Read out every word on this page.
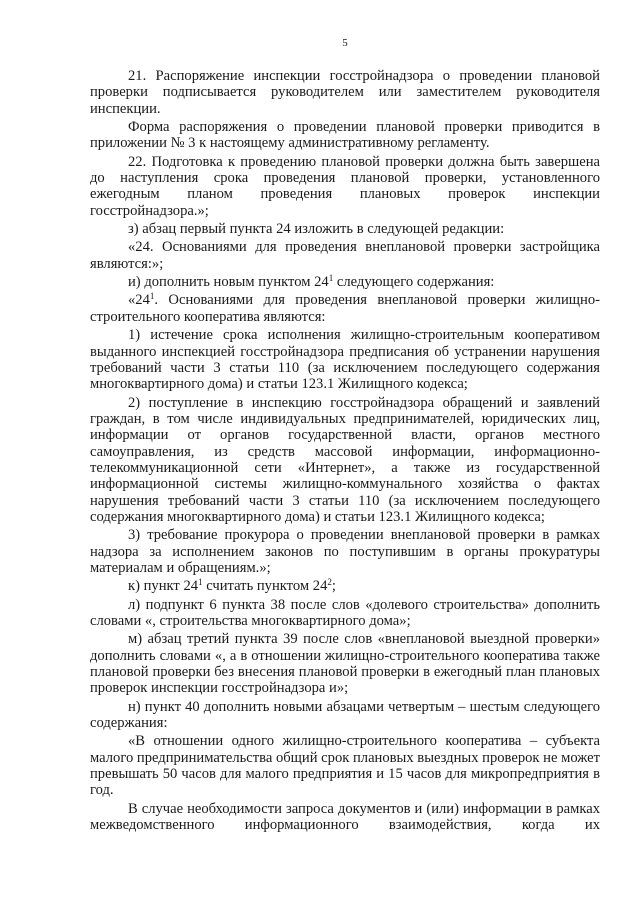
5

21. Распоряжение инспекции госстройнадзора о проведении плановой проверки подписывается руководителем или заместителем руководителя инспекции.

Форма распоряжения о проведении плановой проверки приводится в приложении № 3 к настоящему административному регламенту.

22. Подготовка к проведению плановой проверки должна быть завершена до наступления срока проведения плановой проверки, установленного ежегодным планом проведения плановых проверок инспекции госстройнадзора.»;

з) абзац первый пункта 24 изложить в следующей редакции:

«24. Основаниями для проведения внеплановой проверки застройщика являются:»;

и) дополнить новым пунктом $24^1$ следующего содержания:

«$24^1$. Основаниями для проведения внеплановой проверки жилищно-строительного кооператива являются:

1) истечение срока исполнения жилищно-строительным кооперативом выданного инспекцией госстройнадзора предписания об устранении нарушения требований части 3 статьи 110 (за исключением последующего содержания многоквартирного дома) и статьи 123.1 Жилищного кодекса;

2) поступление в инспекцию госстройнадзора обращений и заявлений граждан, в том числе индивидуальных предпринимателей, юридических лиц, информации от органов государственной власти, органов местного самоуправления, из средств массовой информации, информационно-телекоммуникационной сети «Интернет», а также из государственной информационной системы жилищно-коммунального хозяйства о фактах нарушения требований части 3 статьи 110 (за исключением последующего содержания многоквартирного дома) и статьи 123.1 Жилищного кодекса;

3) требование прокурора о проведении внеплановой проверки в рамках надзора за исполнением законов по поступившим в органы прокуратуры материалам и обращениям.»;

к) пункт $24^1$ считать пунктом $24^2$;

л) подпункт 6 пункта 38 после слов «долевого строительства» дополнить словами «, строительства многоквартирного дома»;

м) абзац третий пункта 39 после слов «внеплановой выездной проверки» дополнить словами «, а в отношении жилищно-строительного кооператива также плановой проверки без внесения плановой проверки в ежегодный план плановых проверок инспекции госстройнадзора и»;

н) пункт 40 дополнить новыми абзацами четвертым – шестым следующего содержания:

«В отношении одного жилищно-строительного кооператива – субъекта малого предпринимательства общий срок плановых выездных проверок не может превышать 50 часов для малого предприятия и 15 часов для микропредприятия в год.

В случае необходимости запроса документов и (или) информации в рамках межведомственного информационного взаимодействия, когда их
